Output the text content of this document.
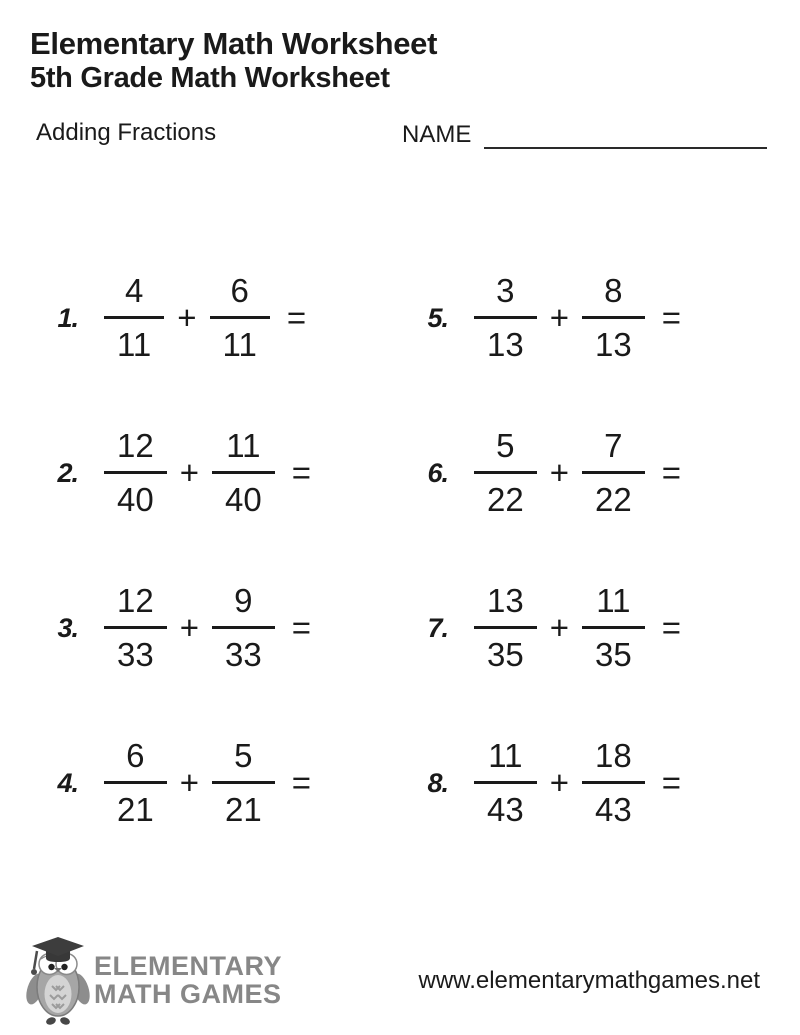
Elementary Math Worksheet
5th Grade Math Worksheet
Adding Fractions	NAME
1. $\frac{4}{11} + \frac{6}{11}$ =
2. $\frac{12}{40} + \frac{11}{40}$ =
3. $\frac{12}{33} + \frac{9}{33}$ =
4. $\frac{6}{21} + \frac{5}{21}$ =
5. $\frac{3}{13} + \frac{8}{13}$ =
6. $\frac{5}{22} + \frac{7}{22}$ =
7. $\frac{13}{35} + \frac{11}{35}$ =
8. $\frac{11}{43} + \frac{18}{43}$ =
ELEMENTARY
MATH GAMES	www.elementarymathgames.net
